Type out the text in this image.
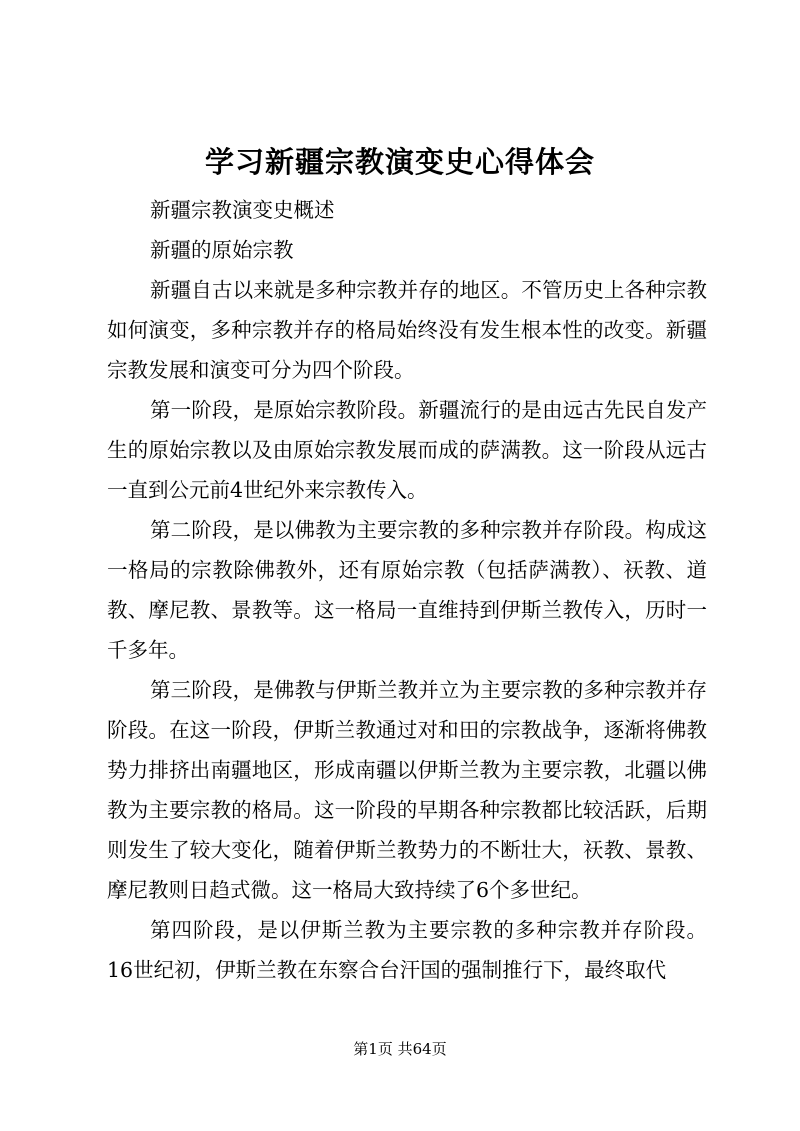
学习新疆宗教演变史心得体会

新疆宗教演变史概述

新疆的原始宗教

新疆自古以来就是多种宗教并存的地区。不管历史上各种宗教如何演变，多种宗教并存的格局始终没有发生根本性的改变。新疆宗教发展和演变可分为四个阶段。

第一阶段，是原始宗教阶段。新疆流行的是由远古先民自发产生的原始宗教以及由原始宗教发展而成的萨满教。这一阶段从远古一直到公元前4世纪外来宗教传入。

第二阶段，是以佛教为主要宗教的多种宗教并存阶段。构成这一格局的宗教除佛教外，还有原始宗教（包括萨满教）、祆教、道教、摩尼教、景教等。这一格局一直维持到伊斯兰教传入，历时一千多年。

第三阶段，是佛教与伊斯兰教并立为主要宗教的多种宗教并存阶段。在这一阶段，伊斯兰教通过对和田的宗教战争，逐渐将佛教势力排挤出南疆地区，形成南疆以伊斯兰教为主要宗教，北疆以佛教为主要宗教的格局。这一阶段的早期各种宗教都比较活跃，后期则发生了较大变化，随着伊斯兰教势力的不断壮大，祆教、景教、摩尼教则日趋式微。这一格局大致持续了6个多世纪。

第四阶段，是以伊斯兰教为主要宗教的多种宗教并存阶段。16世纪初，伊斯兰教在东察合台汗国的强制推行下，最终取代

第1页 共64页
